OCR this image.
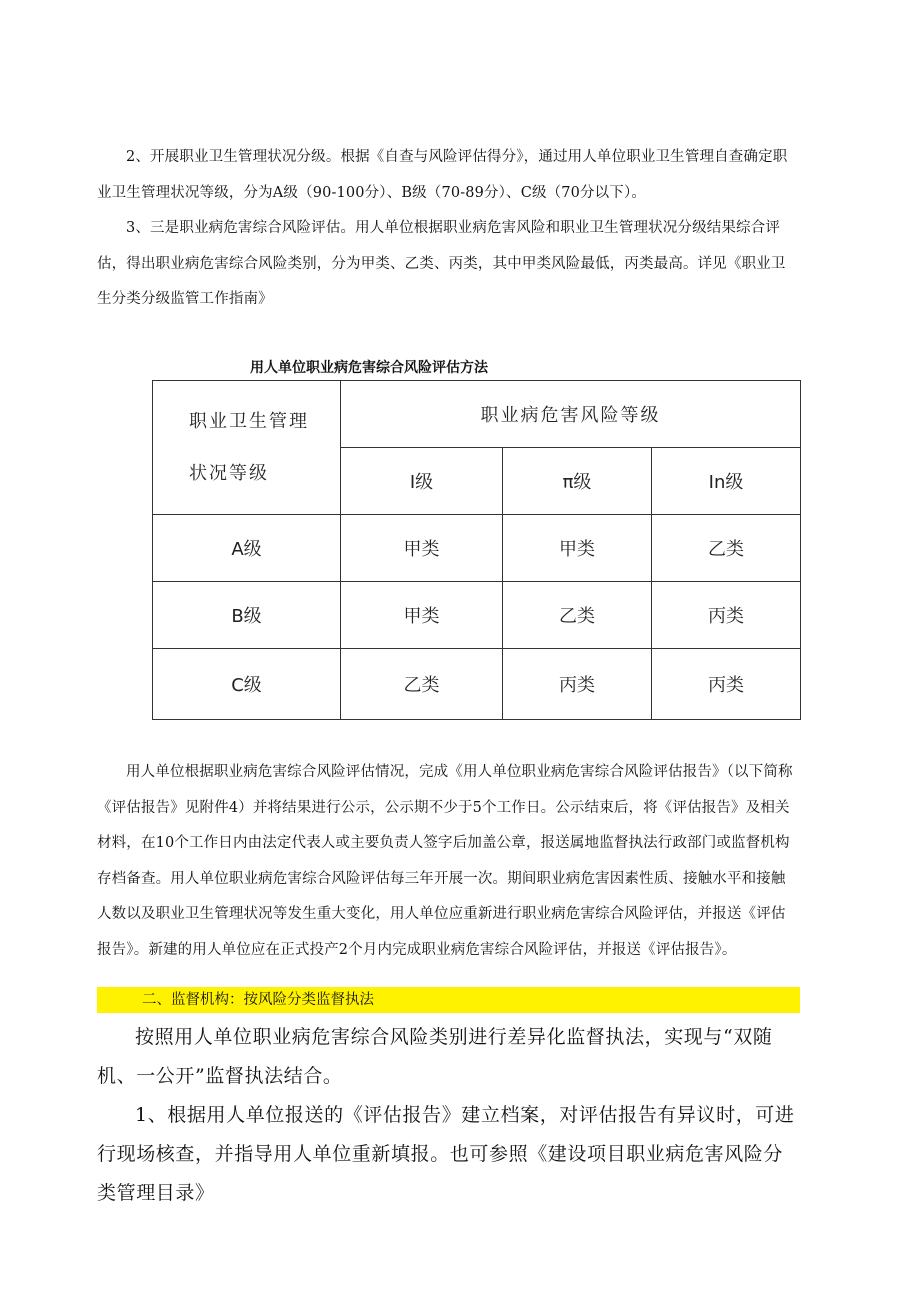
2、开展职业卫生管理状况分级。根据《自查与风险评估得分》，通过用人单位职业卫生管理自查确定职业卫生管理状况等级，分为A级（90-100分）、B级（70-89分）、C级（70分以下）。

3、三是职业病危害综合风险评估。用人单位根据职业病危害风险和职业卫生管理状况分级结果综合评估，得出职业病危害综合风险类别，分为甲类、乙类、丙类，其中甲类风险最低，丙类最高。详见《职业卫生分类分级监管工作指南》

用人单位职业病危害综合风险评估方法

职业卫生管理
状况等级	职业病危害风险等级		
	I级	π级	In级
A级	甲类	甲类	乙类
B级	甲类	乙类	丙类
C级	乙类	丙类	丙类

用人单位根据职业病危害综合风险评估情况，完成《用人单位职业病危害综合风险评估报告》（以下简称《评估报告》见附件4）并将结果进行公示，公示期不少于5个工作日。公示结束后，将《评估报告》及相关材料，在10个工作日内由法定代表人或主要负责人签字后加盖公章，报送属地监督执法行政部门或监督机构存档备查。用人单位职业病危害综合风险评估每三年开展一次。期间职业病危害因素性质、接触水平和接触人数以及职业卫生管理状况等发生重大变化，用人单位应重新进行职业病危害综合风险评估，并报送《评估报告》。新建的用人单位应在正式投产2个月内完成职业病危害综合风险评估，并报送《评估报告》。

二、监督机构：按风险分类监督执法

按照用人单位职业病危害综合风险类别进行差异化监督执法，实现与“双随机、一公开”监督执法结合。

1、根据用人单位报送的《评估报告》建立档案，对评估报告有异议时，可进行现场核查，并指导用人单位重新填报。也可参照《建设项目职业病危害风险分类管理目录》
